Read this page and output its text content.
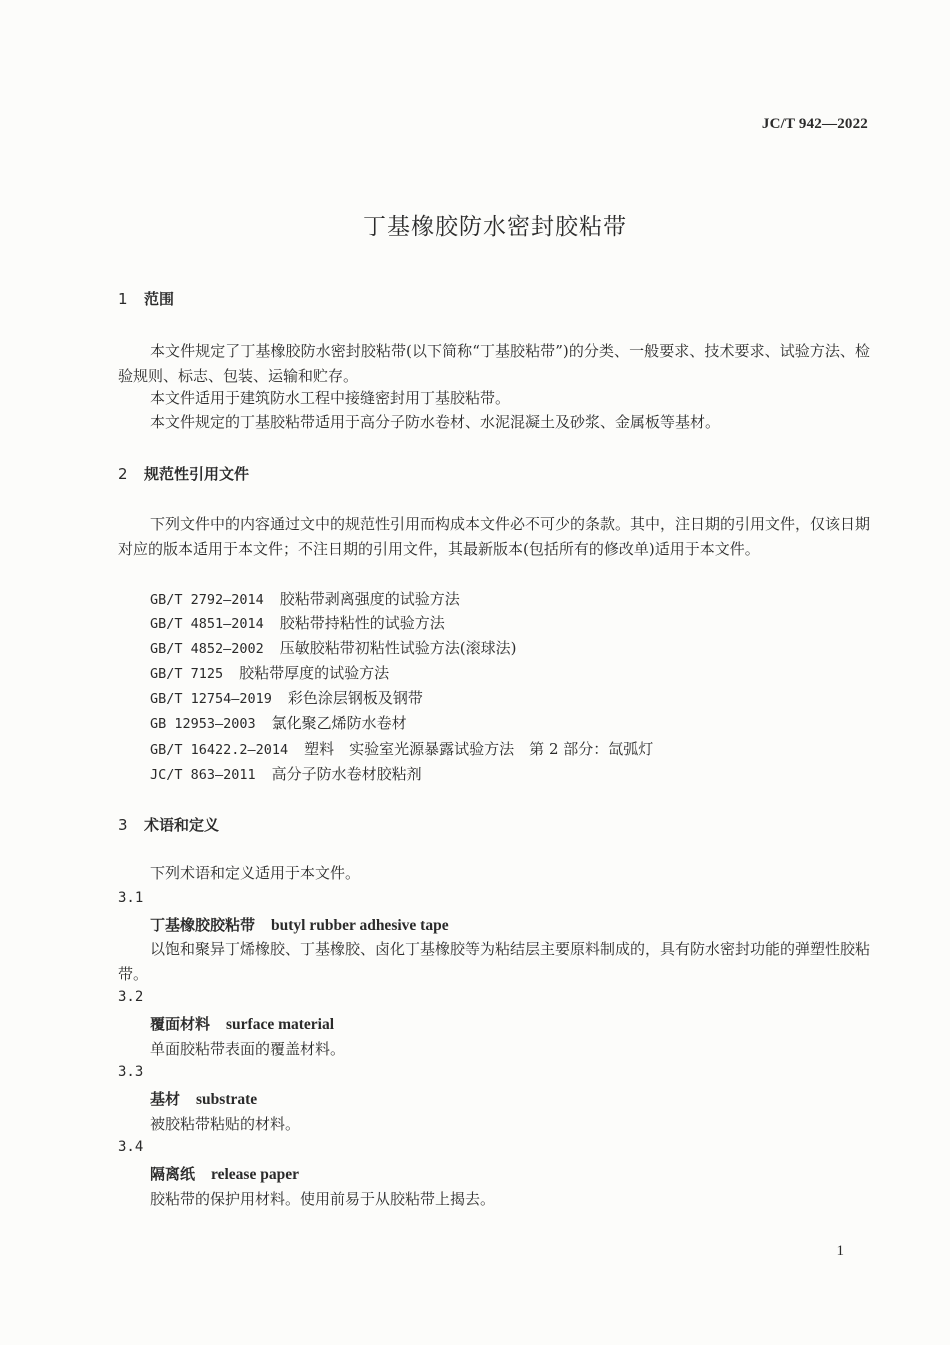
JC/T 942—2022
丁基橡胶防水密封胶粘带
1 范围
本文件规定了丁基橡胶防水密封胶粘带(以下简称“丁基胶粘带”)的分类、一般要求、技术要求、试验方法、检验规则、标志、包装、运输和贮存。
本文件适用于建筑防水工程中接缝密封用丁基胶粘带。
本文件规定的丁基胶粘带适用于高分子防水卷材、水泥混凝土及砂浆、金属板等基材。
2 规范性引用文件
下列文件中的内容通过文中的规范性引用而构成本文件必不可少的条款。其中，注日期的引用文件，仅该日期对应的版本适用于本文件；不注日期的引用文件，其最新版本(包括所有的修改单)适用于本文件。
GB/T 2792—2014 胶粘带剥离强度的试验方法
GB/T 4851—2014 胶粘带持粘性的试验方法
GB/T 4852—2002 压敏胶粘带初粘性试验方法(滚球法)
GB/T 7125 胶粘带厚度的试验方法
GB/T 12754—2019 彩色涂层钢板及钢带
GB 12953—2003 氯化聚乙烯防水卷材
GB/T 16422.2—2014 塑料　实验室光源暴露试验方法　第 2 部分：氙弧灯
JC/T 863—2011 高分子防水卷材胶粘剂
3 术语和定义
下列术语和定义适用于本文件。
3.1
丁基橡胶胶粘带 butyl rubber adhesive tape
以饱和聚异丁烯橡胶、丁基橡胶、卤化丁基橡胶等为粘结层主要原料制成的，具有防水密封功能的弹塑性胶粘带。
3.2
覆面材料 surface material
单面胶粘带表面的覆盖材料。
3.3
基材 substrate
被胶粘带粘贴的材料。
3.4
隔离纸 release paper
胶粘带的保护用材料。使用前易于从胶粘带上揭去。
1
